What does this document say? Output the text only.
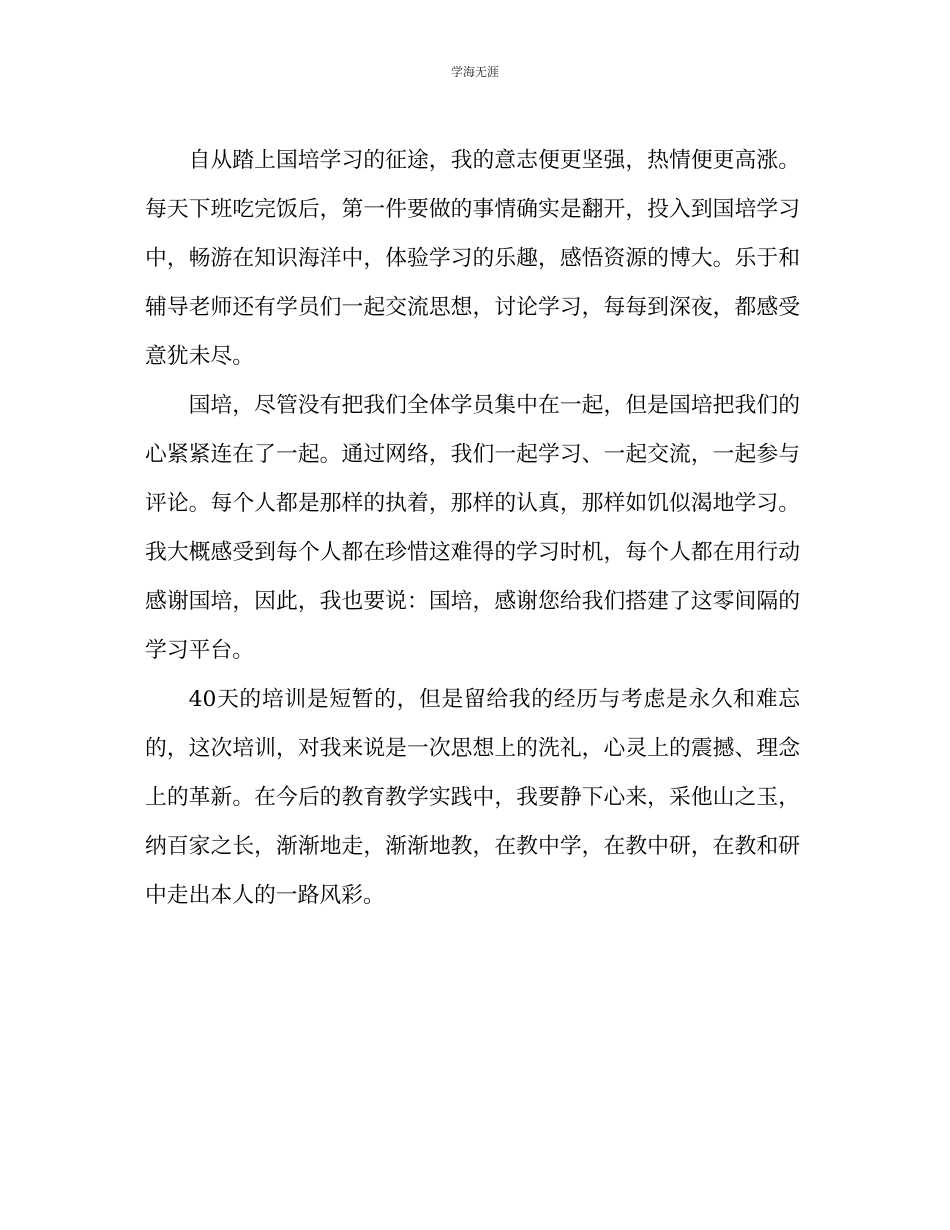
学海无涯

自从踏上国培学习的征途，我的意志便更坚强，热情便更高涨。每天下班吃完饭后，第一件要做的事情确实是翻开，投入到国培学习中，畅游在知识海洋中，体验学习的乐趣，感悟资源的博大。乐于和辅导老师还有学员们一起交流思想，讨论学习，每每到深夜，都感受意犹未尽。

国培，尽管没有把我们全体学员集中在一起，但是国培把我们的心紧紧连在了一起。通过网络，我们一起学习、一起交流，一起参与评论。每个人都是那样的执着，那样的认真，那样如饥似渴地学习。我大概感受到每个人都在珍惜这难得的学习时机，每个人都在用行动感谢国培，因此，我也要说：国培，感谢您给我们搭建了这零间隔的学习平台。

40天的培训是短暂的，但是留给我的经历与考虑是永久和难忘的，这次培训，对我来说是一次思想上的洗礼，心灵上的震撼、理念上的革新。在今后的教育教学实践中，我要静下心来，采他山之玉，纳百家之长，渐渐地走，渐渐地教，在教中学，在教中研，在教和研中走出本人的一路风彩。
